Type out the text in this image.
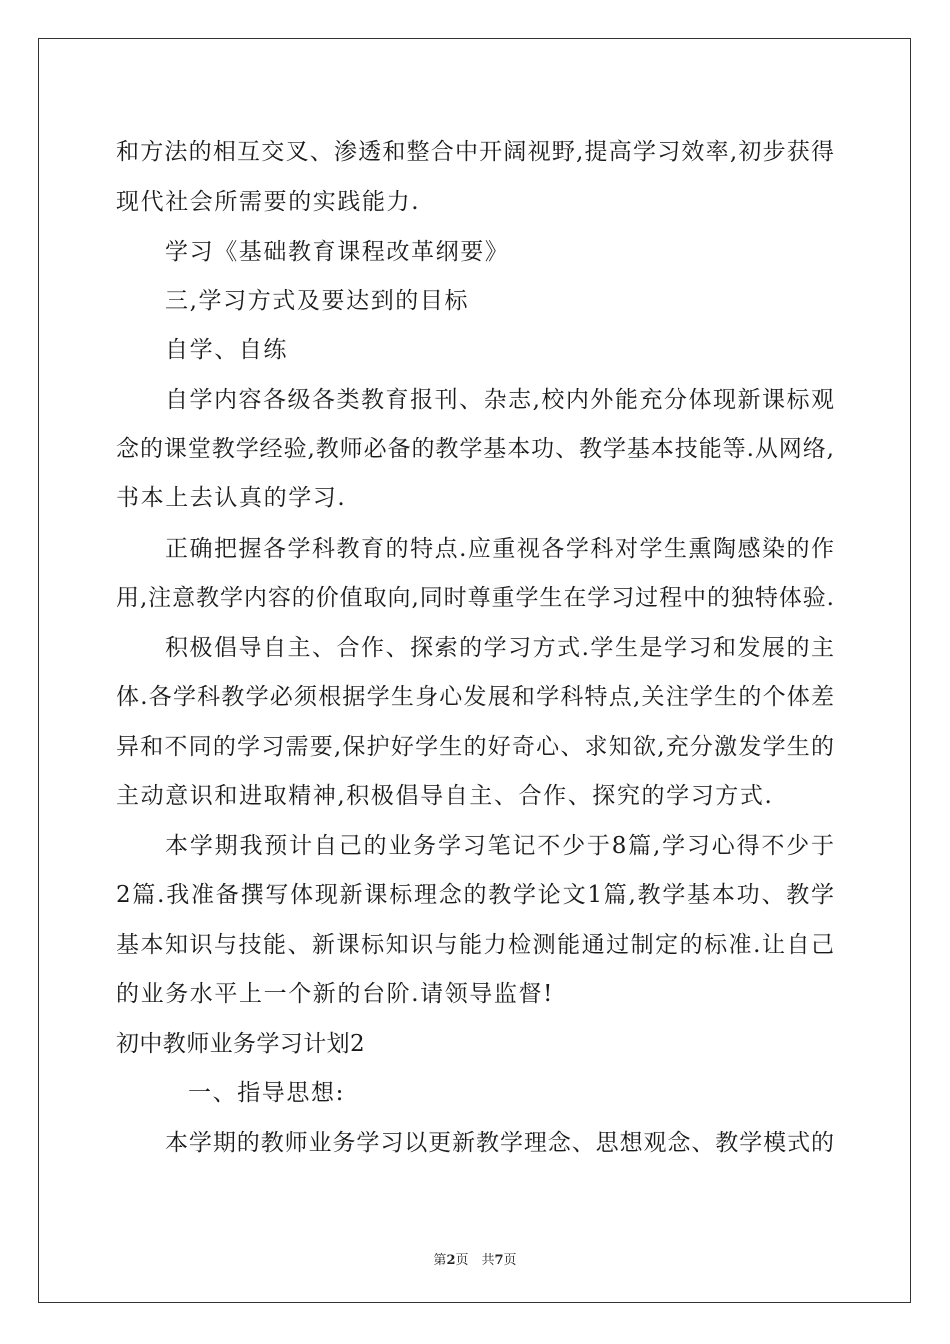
和方法的相互交叉、渗透和整合中开阔视野,提高学习效率,初步获得
现代社会所需要的实践能力.
学习《基础教育课程改革纲要》
三,学习方式及要达到的目标
自学、自练
自学内容各级各类教育报刊、杂志,校内外能充分体现新课标观
念的课堂教学经验,教师必备的教学基本功、教学基本技能等.从网络,
书本上去认真的学习.
正确把握各学科教育的特点.应重视各学科对学生熏陶感染的作
用,注意教学内容的价值取向,同时尊重学生在学习过程中的独特体验.
积极倡导自主、合作、探索的学习方式.学生是学习和发展的主
体.各学科教学必须根据学生身心发展和学科特点,关注学生的个体差
异和不同的学习需要,保护好学生的好奇心、求知欲,充分激发学生的
主动意识和进取精神,积极倡导自主、合作、探究的学习方式.
本学期我预计自己的业务学习笔记不少于8篇,学习心得不少于
2篇.我准备撰写体现新课标理念的教学论文1篇,教学基本功、教学
基本知识与技能、新课标知识与能力检测能通过制定的标准.让自己
的业务水平上一个新的台阶.请领导监督!
初中教师业务学习计划2
一、指导思想:
本学期的教师业务学习以更新教学理念、思想观念、教学模式的
第2页　共7页
